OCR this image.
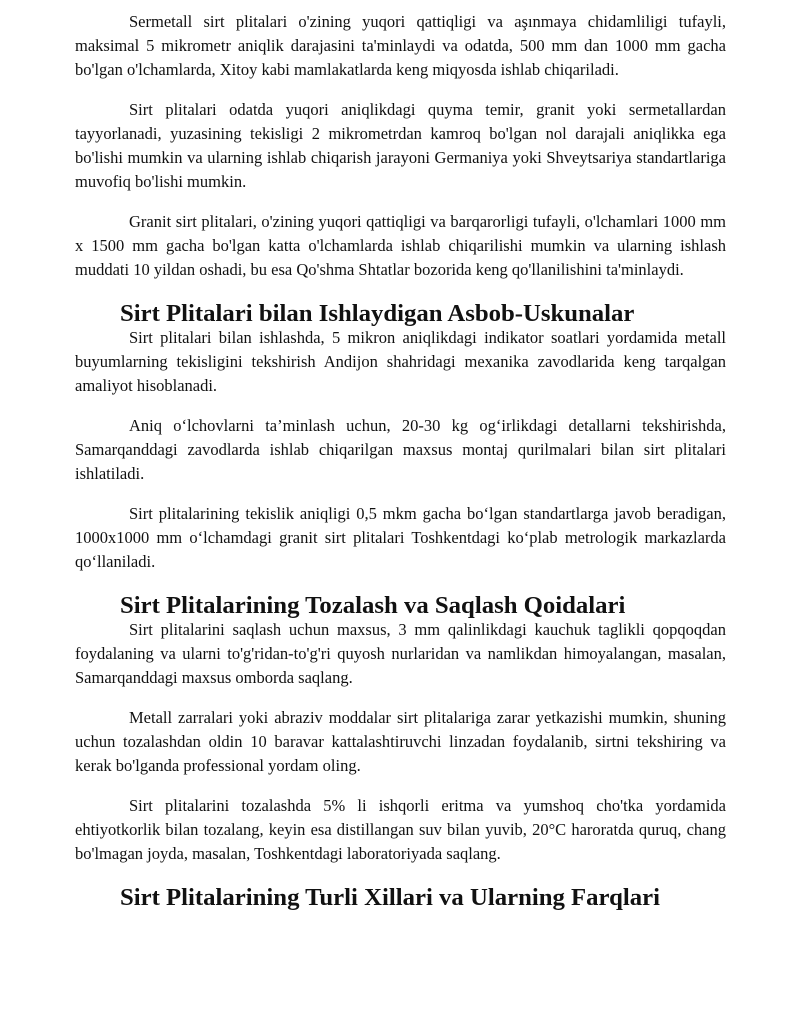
Sermetall sirt plitalari o'zining yuqori qattiqligi va aşınmaya chidamliligi tufayli, maksimal 5 mikrometr aniqlik darajasini ta'minlaydi va odatda, 500 mm dan 1000 mm gacha bo'lgan o'lchamlarda, Xitoy kabi mamlakatlarda keng miqyosda ishlab chiqariladi.

Sirt plitalari odatda yuqori aniqlikdagi quyma temir, granit yoki sermetallardan tayyorlanadi, yuzasining tekisligi 2 mikrometrdan kamroq bo'lgan nol darajali aniqlikka ega bo'lishi mumkin va ularning ishlab chiqarish jarayoni Germaniya yoki Shveytsariya standartlariga muvofiq bo'lishi mumkin.

Granit sirt plitalari, o'zining yuqori qattiqligi va barqarorligi tufayli, o'lchamlari 1000 mm x 1500 mm gacha bo'lgan katta o'lchamlarda ishlab chiqarilishi mumkin va ularning ishlash muddati 10 yildan oshadi, bu esa Qo'shma Shtatlar bozorida keng qo'llanilishini ta'minlaydi.

Sirt Plitalari bilan Ishlaydigan Asbob-Uskunalar

Sirt plitalari bilan ishlashda, 5 mikron aniqlikdagi indikator soatlari yordamida metall buyumlarning tekisligini tekshirish Andijon shahridagi mexanika zavodlarida keng tarqalgan amaliyot hisoblanadi.

Aniq o‘lchovlarni ta’minlash uchun, 20-30 kg og‘irlikdagi detallarni tekshirishda, Samarqanddagi zavodlarda ishlab chiqarilgan maxsus montaj qurilmalari bilan sirt plitalari ishlatiladi.

Sirt plitalarining tekislik aniqligi 0,5 mkm gacha bo‘lgan standartlarga javob beradigan, 1000x1000 mm o‘lchamdagi granit sirt plitalari Toshkentdagi ko‘plab metrologik markazlarda qo‘llaniladi.

Sirt Plitalarining Tozalash va Saqlash Qoidalari

Sirt plitalarini saqlash uchun maxsus, 3 mm qalinlikdagi kauchuk taglikli qopqoqdan foydalaning va ularni to'g'ridan-to'g'ri quyosh nurlaridan va namlikdan himoyalangan, masalan, Samarqanddagi maxsus omborda saqlang.

Metall zarralari yoki abraziv moddalar sirt plitalariga zarar yetkazishi mumkin, shuning uchun tozalashdan oldin 10 baravar kattalashtiruvchi linzadan foydalanib, sirtni tekshiring va kerak bo'lganda professional yordam oling.

Sirt plitalarini tozalashda 5% li ishqorli eritma va yumshoq cho'tka yordamida ehtiyotkorlik bilan tozalang, keyin esa distillangan suv bilan yuvib, 20°C haroratda quruq, chang bo'lmagan joyda, masalan, Toshkentdagi laboratoriyada saqlang.

Sirt Plitalarining Turli Xillari va Ularning Farqlari
